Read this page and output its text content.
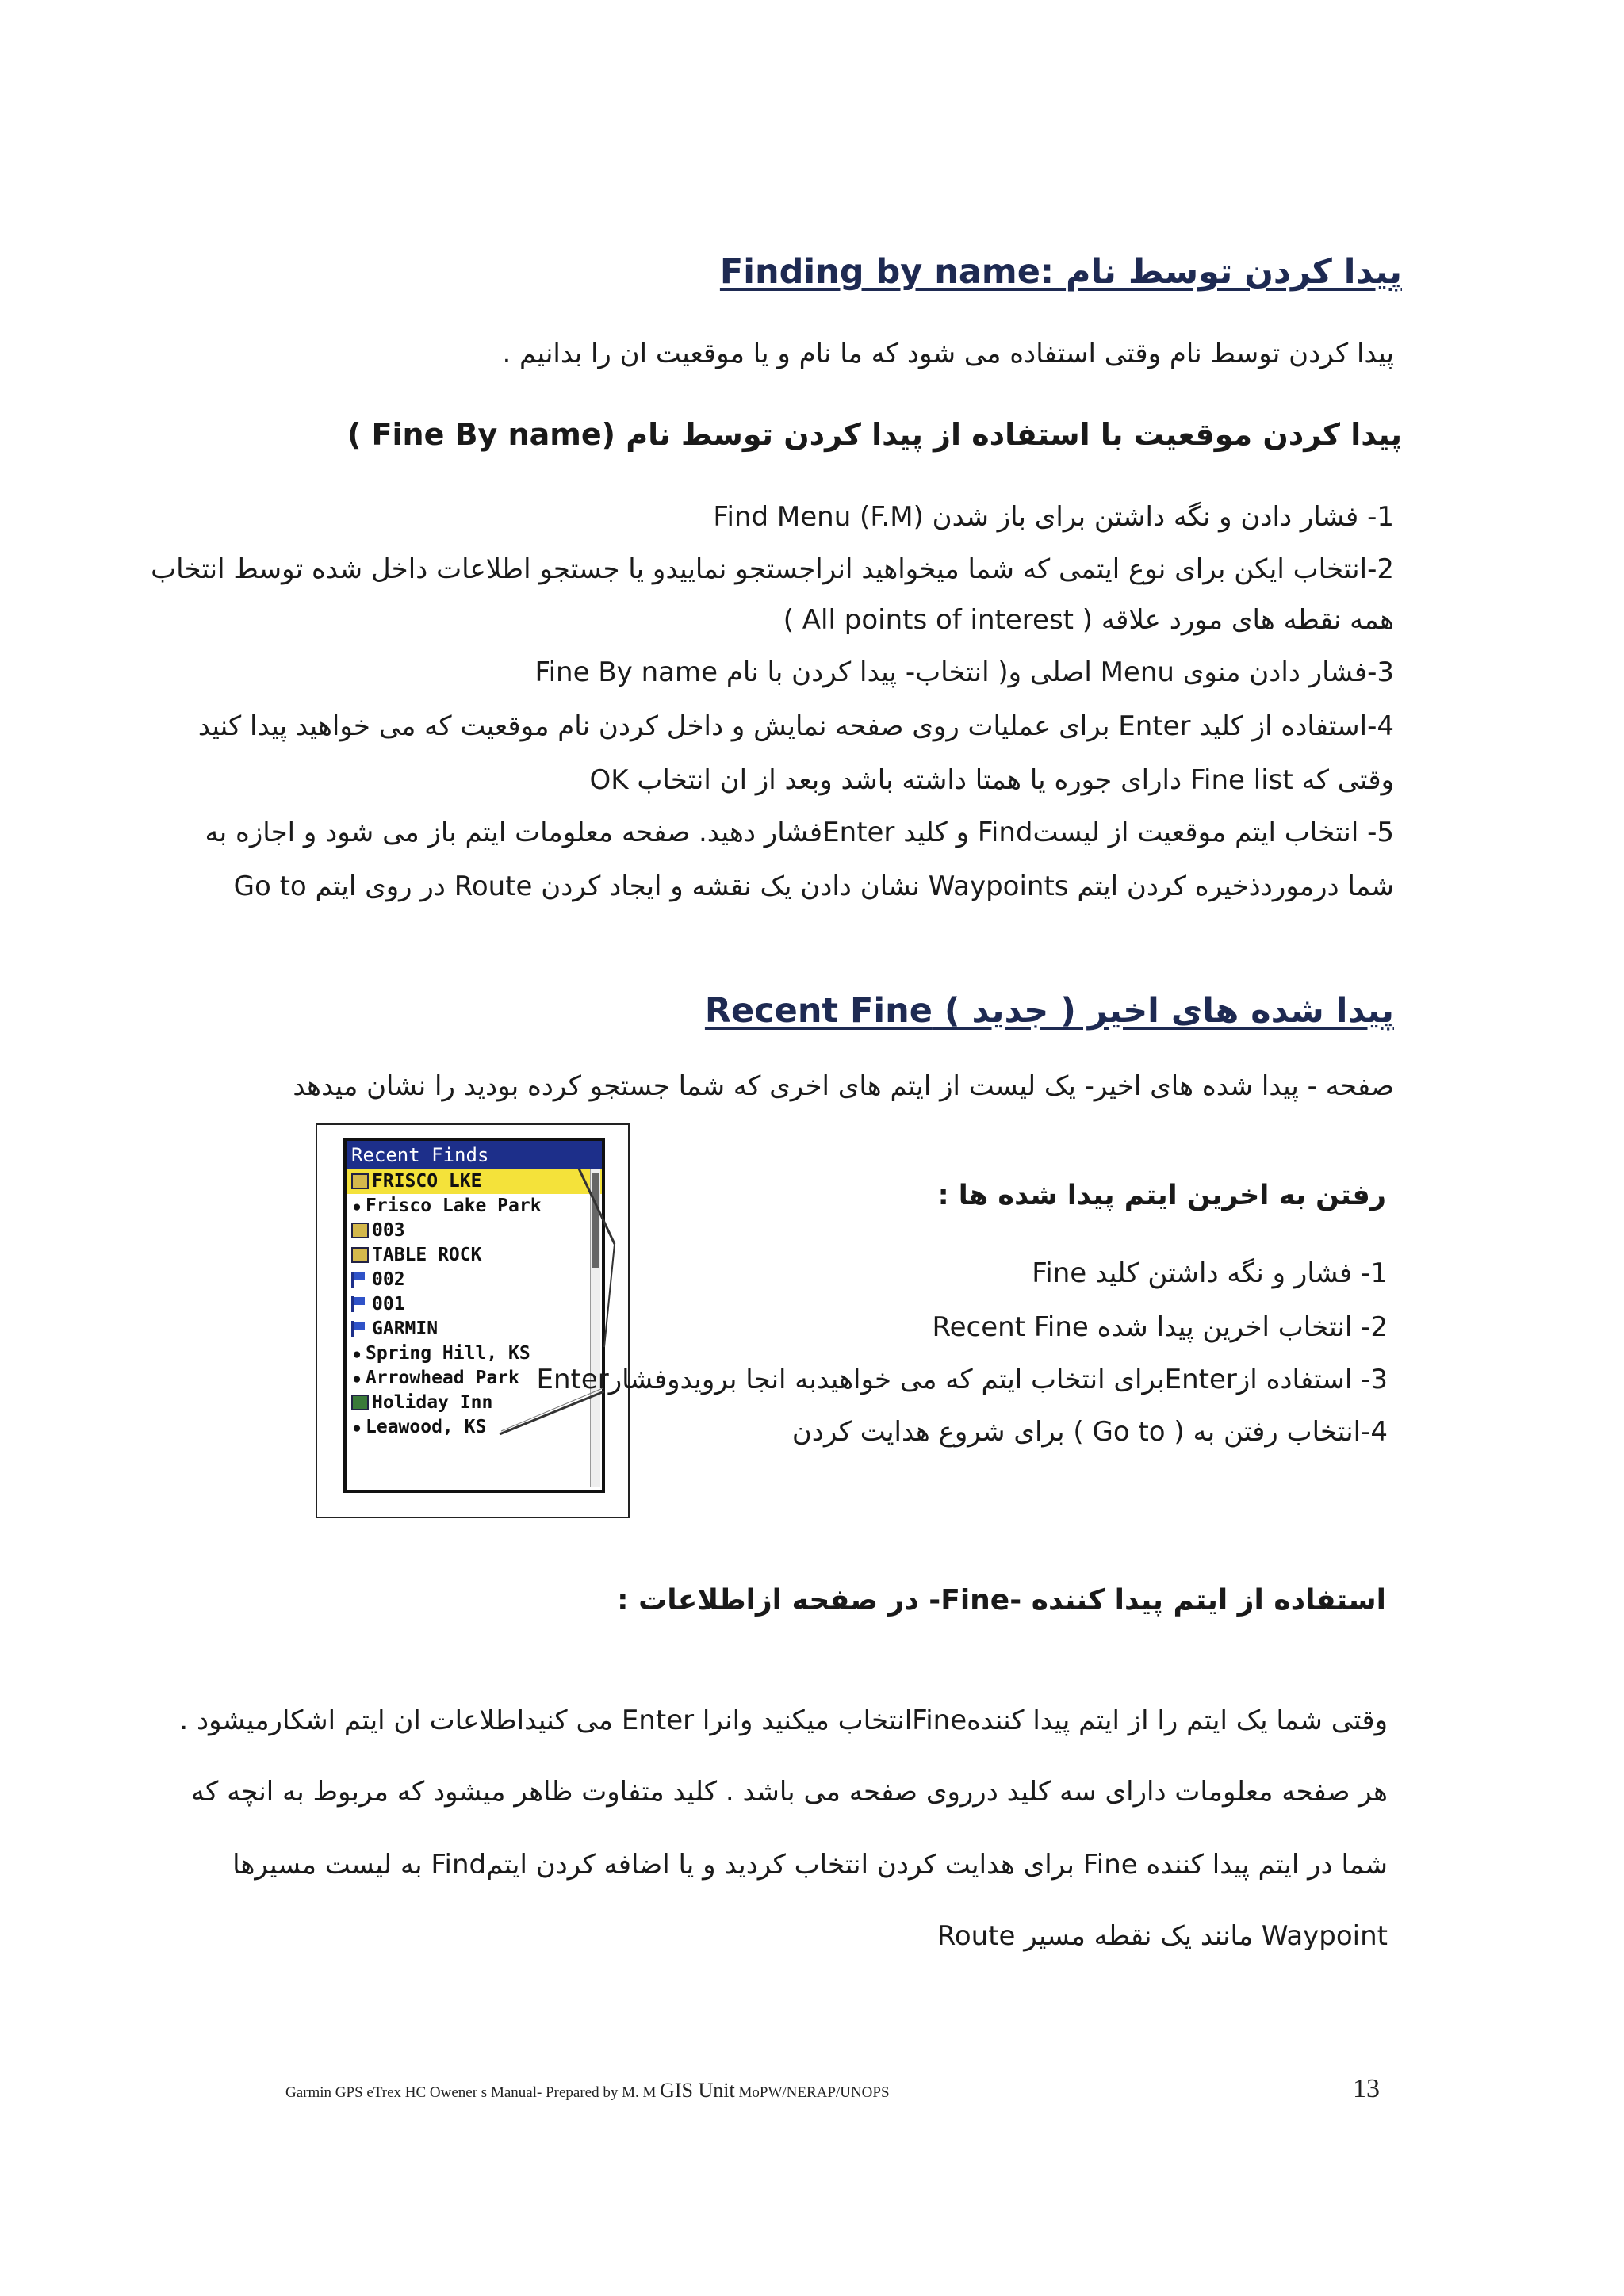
Finding by name: پیدا کردن توسط نام
پیدا کردن توسط نام وقتی استفاده می شود که ما نام و یا موقعیت ان را بدانیم .
پیدا کردن موقعیت با استفاده از پیدا کردن توسط نام (Fine By name )
1- فشار دادن و نگه داشتن برای باز شدن (Find Menu (F.M
2-انتخاب ایکن برای نوع ایتمی که شما میخواهید انراجستجو نماییدو یا جستجو اطلاعات داخل شده توسط انتخاب
همه نقطه های مورد علاقه ( All points of interest )
3-فشار دادن منوی Menu اصلی و( انتخاب- پیدا کردن با نام Fine By name
4-استفاده از کلید Enter برای عملیات روی صفحه نمایش و داخل کردن نام موقعیت که می خواهید پیدا کنید
وقتی که Fine list دارای جوره یا همتا داشته باشد وبعد از ان انتخاب OK
5- انتخاب ایتم موقعیت از لیستFind و کلید Enterفشار دهید. صفحه معلومات ایتم باز می شود و اجازه به
شما درموردذخیره کردن ایتم Waypoints نشان دادن یک نقشه و ایجاد کردن Route در روی ایتم Go to
پیدا شده های اخیر ( جدید ) Recent Fine
صفحه - پیدا شده های اخیر- یک لیست از ایتم های اخری که شما جستجو کرده بودید را نشان میدهد
Recent Finds
FRISCO LKE
• Frisco Lake Park
003
TABLE ROCK
002
001
GARMIN
• Spring Hill, KS
• Arrowhead Park
Holiday Inn
• Leawood, KS
رفتن به اخرین ایتم پیدا شده ها :
1- فشار و نگه داشتن کلید Fine
2- انتخاب اخرین پیدا شده Recent Fine
3- استفاده ازEnterبرای انتخاب ایتم که می خواهیدبه انجا برویدوفشارEnter
4-انتخاب رفتن به ( Go to ) برای شروع هدایت کردن
استفاده از ایتم پیدا کننده -Fine- در صفحه ازاطلاعات :
وقتی شما یک ایتم را از ایتم پیدا کنندهFineانتخاب میکنید وانرا Enter می کنیداطلاعات ان ایتم اشکارمیشود .
هر صفحه معلومات دارای سه کلید درروی صفحه می باشد . کلید متفاوت ظاهر میشود که مربوط به انچه که
شما در ایتم پیدا کننده Fine برای هدایت کردن انتخاب کردید و یا اضافه کردن ایتمFind به لیست مسیرها
Route مانند یک نقطه مسیر Waypoint
Garmin GPS eTrex HC Owener s Manual- Prepared by M. M GIS Unit MoPW/NERAP/UNOPS	13
